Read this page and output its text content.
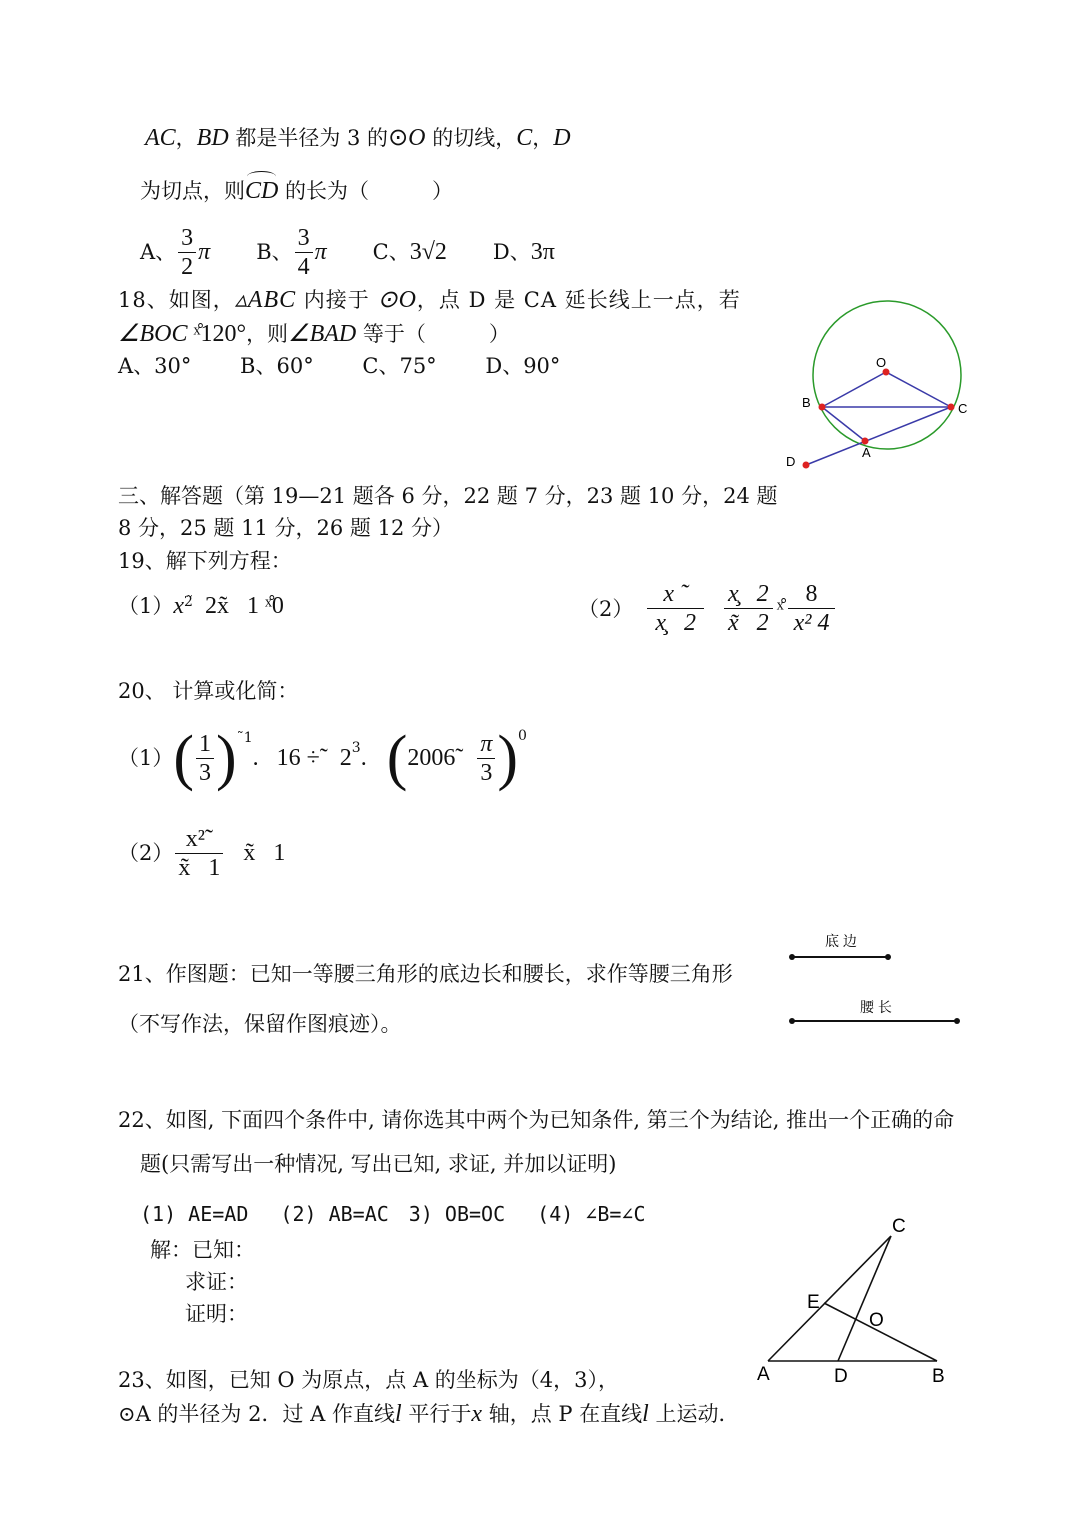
AC，BD 都是半径为 3 的⊙O 的切线，C，D
为切点，则
CD 的长为（　　　）
A、 $\frac{3}{2}$ π B、 $\frac{3}{4}$ π C、 3√2 D、 3π
18、如图，▵ABC 内接于 ⊙O，点 D 是 CA 延长线上一点，若
∠BOC ˣ̊120°，则∠BAD 等于（　　　）
A、30°　　 B、60°　　 C、75°　　 D、90°	O
B	C
A
D
三、解答题（第 19—21 题各 6 分，22 题 7 分，23 题 10 分，24 题
8 分，25 题 11 分，26 题 12 分）
19、解下列方程：
$(1)x^{2̃}$  2x̃   1 ˣ̊0	$(2) \frac{x ˜}{x̧ 2} \frac{x̧ 2}{x̃ 2}$ ˣ̊ $\frac{8}{\text{x² 4}}$
20、 计算或化简：
（1） ( $\frac{1}{3}$ ) ˜1
. 16 ÷˜  2 3 . ( 2006̃ $\frac{\pi}{3}$ ) 0
$(2) \frac{\text{x²˜}}{x̃ 1}$ x̃   1
21、作图题：已知一等腰三角形的底边长和腰长，求作等腰三角形
（不写作法，保留作图痕迹）。
底 边
腰 长
22、如图, 下面四个条件中, 请你选其中两个为已知条件, 第三个为结论, 推出一个正确的命
题(只需写出一种情况, 写出已知, 求证, 并加以证明)
(1) AE=AD　 (2) AB=AC　3) OB=OC　 (4) ∠B=∠C
解：已知：
求证：
证明：
A	B
C
D
E
O
23、如图，已知 O 为原点，点 A 的坐标为（4，3），
⊙A 的半径为 2．过 A 作直线l 平行于x 轴，点 P 在直线l 上运动．
